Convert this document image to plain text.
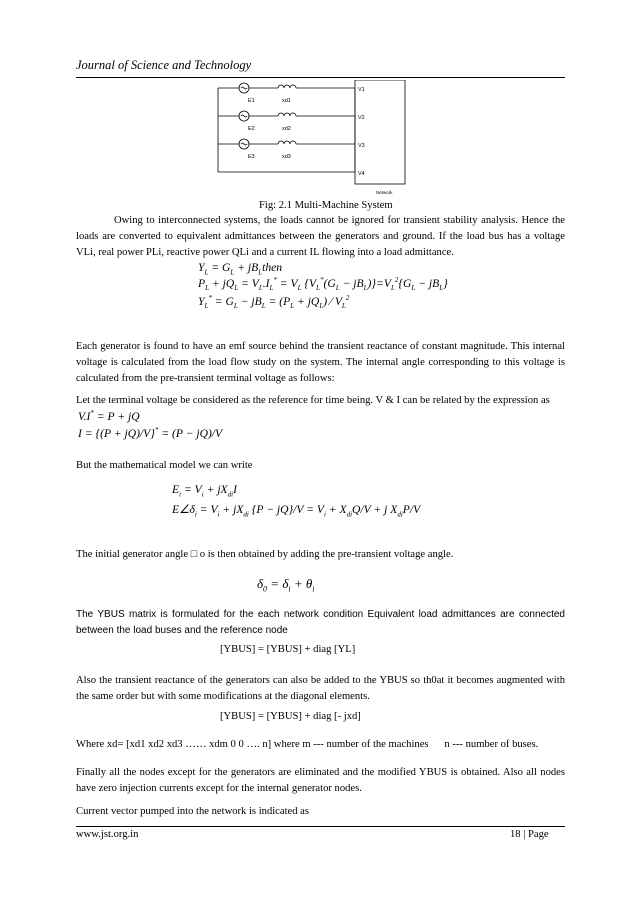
Journal of Science and Technology
E1	xd1
E2	xd2
E3	xd3
V1
V2
V3
V4
Network
Fig: 2.1 Multi-Machine System
Owing to interconnected systems, the loads cannot be ignored for transient stability analysis. Hence the loads are converted to equivalent admittances between the generators and ground. If the load bus has a voltage VLi, real power PLi, reactive power QLi and a current IL flowing into a load admittance.
$Y_L = G_L$ + $jB_Lthen$
$P_L + jQ_L = V_L.I_L^* = V_L$ $\{V_L^*(G_L - jB_L)\}=V_L^2\{G_L - jB_L\}$
$Y_L^* = G_L - jB_L = (P_L + jQ_L)$ ⁄ $V_L^2$
Each generator is found to have an emf source behind the transient reactance of constant magnitude. This internal voltage is calculated from the load flow study on the system. The internal angle corresponding to this voltage is calculated from the pre-transient terminal voltage as follows:
Let the terminal voltage be considered as the reference for time being. V & I can be related by the expression as
V.I* = P + jQ
I = {(P + jQ)/V}* = (P − jQ)/V
But the mathematical model we can write
$E_i = V_i + jX_{di}I$
$E\angle\delta_i = V_i + jX_{di}$ $\{P - jQ\}/V = V_i + X_{di}Q/V + j$ $X_{di}P/V$
The initial generator angle □ o is then obtained by adding the pre-transient voltage angle.
$\delta_0 = \delta_i + \theta_i$
The YBUS matrix is formulated for the each network condition Equivalent load admittances are connected between the load buses and the reference node
[YBUS] = [YBUS] + diag [YL]
Also the transient reactance of the generators can also be added to the YBUS so th0at it becomes augmented with the same order but with some modifications at the diagonal elements.
[YBUS] = [YBUS] + diag [- jxd]
Where xd= [xd1 xd2 xd3 …… xdm 0 0 …. n] where m --- number of the machines      n --- number of buses.
Finally all the nodes except for the generators are eliminated and the modified YBUS is obtained. Also all nodes have zero injection currents except for the internal generator nodes.
Current vector pumped into the network is indicated as
www.jst.org.in	18 | Page
